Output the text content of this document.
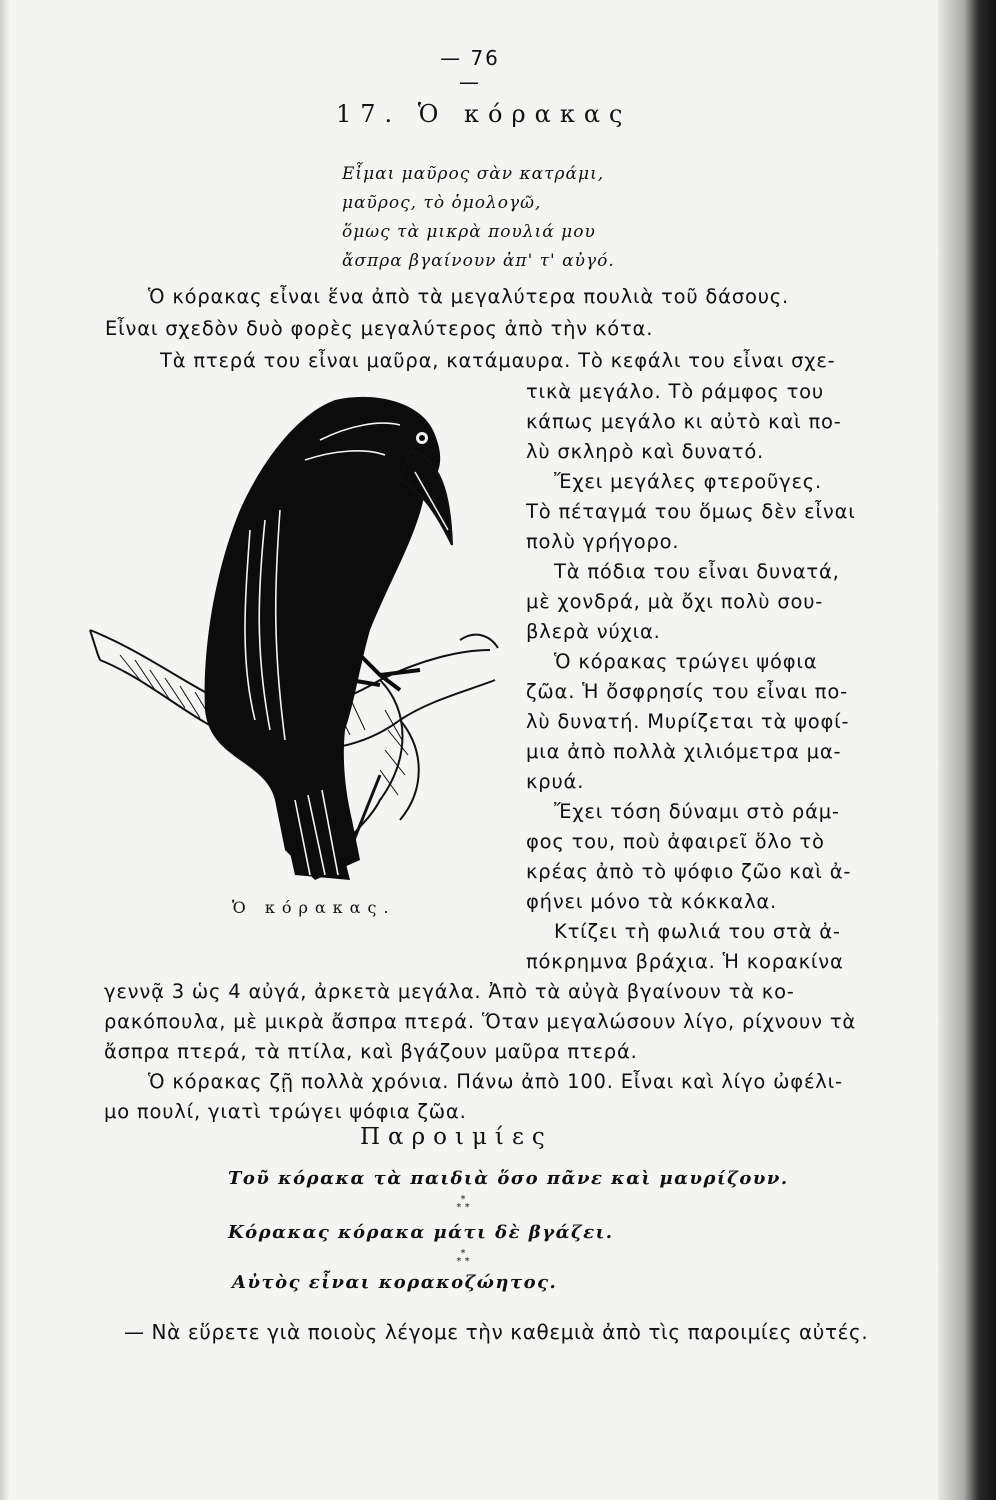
— 76 —
17. Ὁ κόρακας
Εἶμαι μαῦρος σὰν κατράμι,
μαῦρος, τὸ ὁμολογῶ,
ὅμως τὰ μικρὰ πουλιά μου
ἄσπρα βγαίνουν ἀπ' τ' αὐγό.
Ὁ κόρακας εἶναι ἕνα ἀπὸ τὰ μεγαλύτερα πουλιὰ τοῦ δάσους.
Εἶναι σχεδὸν δυὸ φορὲς μεγαλύτερος ἀπὸ τὴν κότα.
Τὰ πτερά του εἶναι μαῦρα, κατάμαυρα. Τὸ κεφάλι του εἶναι σχε-
τικὰ μεγάλο. Τὸ ράμφος του
κάπως μεγάλο κι αὐτὸ καὶ πο-
λὺ σκληρὸ καὶ δυνατό.
Ἔχει μεγάλες φτεροῦγες.
Τὸ πέταγμά του ὅμως δὲν εἶναι
πολὺ γρήγορο.
Τὰ πόδια του εἶναι δυνατά,
μὲ χονδρά, μὰ ὄχι πολὺ σου-
βλερὰ νύχια.
Ὁ κόρακας τρώγει ψόφια
ζῶα. Ἡ ὄσφρησίς του εἶναι πο-
λὺ δυνατή. Μυρίζεται τὰ ψοφί-
μια ἀπὸ πολλὰ χιλιόμετρα μα-
κρυά.
Ἔχει τόση δύναμι στὸ ράμ-
φος του, ποὺ ἀφαιρεῖ ὅλο τὸ
κρέας ἀπὸ τὸ ψόφιο ζῶο καὶ ἀ-
φήνει μόνο τὰ κόκκαλα.
Κτίζει τὴ φωλιά του στὰ ἀ-
πόκρημνα βράχια. Ἡ κορακίνα
γεννᾷ 3 ὡς 4 αὐγά, ἀρκετὰ μεγάλα. Ἀπὸ τὰ αὐγὰ βγαίνουν τὰ κο-
ρακόπουλα, μὲ μικρὰ ἄσπρα πτερά. Ὅταν μεγαλώσουν λίγο, ρίχνουν τὰ
ἄσπρα πτερά, τὰ πτίλα, καὶ βγάζουν μαῦρα πτερά.
Ὁ κόρακας ζῇ πολλὰ χρόνια. Πάνω ἀπὸ 100. Εἶναι καὶ λίγο ὠφέλι-
μο πουλί, γιατὶ τρώγει ψόφια ζῶα.
Ὁ κόρακας.
Παροιμίες
Τοῦ κόρακα τὰ παιδιὰ ὅσο πᾶνε καὶ μαυρίζουν.
*
* *
Κόρακας κόρακα μάτι δὲ βγάζει.
*
* *
Αὐτὸς εἶναι κορακοζώητος.
— Νὰ εὕρετε γιὰ ποιοὺς λέγομε τὴν καθεμιὰ ἀπὸ τὶς παροιμίες αὐτές.
